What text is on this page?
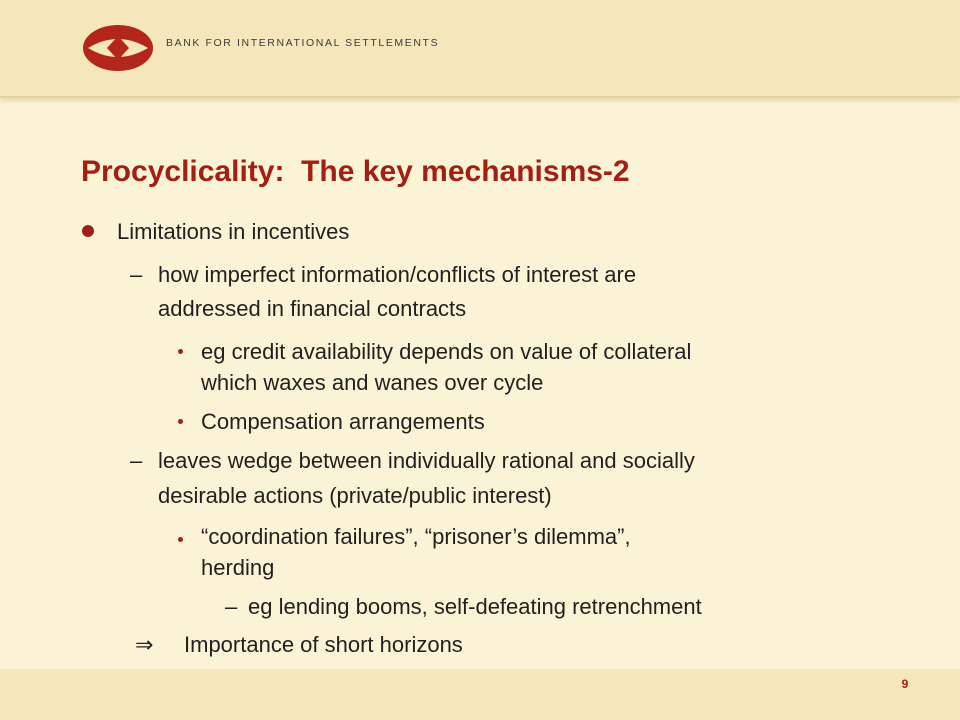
BANK FOR INTERNATIONAL SETTLEMENTS
Procyclicality:  The key mechanisms-2
Limitations in incentives
– how imperfect information/conflicts of interest are
addressed in financial contracts
eg credit availability depends on value of collateral
which waxes and wanes over cycle
Compensation arrangements
– leaves wedge between individually rational and socially
desirable actions (private/public interest)
“coordination failures”, “prisoner’s dilemma”,
herding
– eg lending booms, self-defeating retrenchment
⇒ Importance of short horizons
9
